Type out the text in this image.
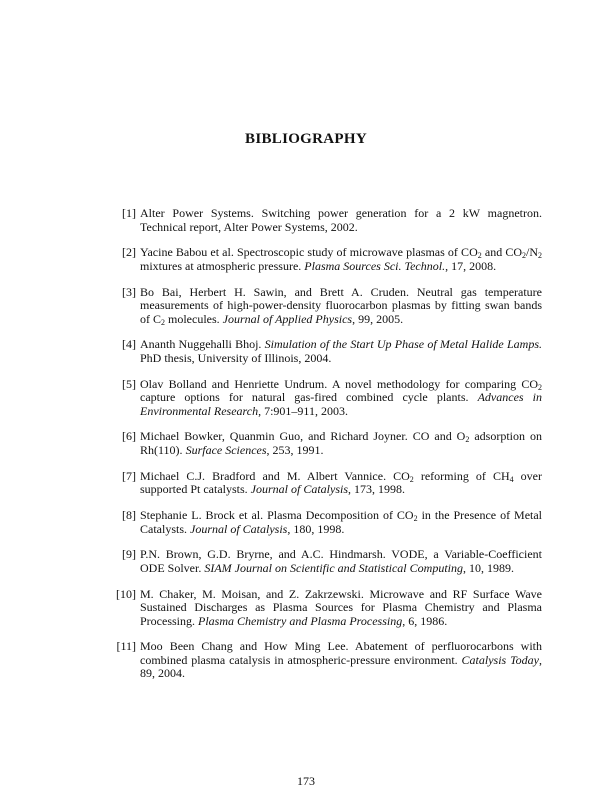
BIBLIOGRAPHY
[1] Alter Power Systems. Switching power generation for a 2 kW magnetron. Technical report, Alter Power Systems, 2002.
[2] Yacine Babou et al. Spectroscopic study of microwave plasmas of $CO_2$ and $CO_2/N_2$ mixtures at atmospheric pressure. Plasma Sources Sci. Technol., 17, 2008.
[3] Bo Bai, Herbert H. Sawin, and Brett A. Cruden. Neutral gas temperature measurements of high-power-density fluorocarbon plasmas by fitting swan bands of $C_2$ molecules. Journal of Applied Physics, 99, 2005.
[4] Ananth Nuggehalli Bhoj. Simulation of the Start Up Phase of Metal Halide Lamps. PhD thesis, University of Illinois, 2004.
[5] Olav Bolland and Henriette Undrum. A novel methodology for comparing $CO_2$ capture options for natural gas-fired combined cycle plants. Advances in Environmental Research, 7:901–911, 2003.
[6] Michael Bowker, Quanmin Guo, and Richard Joyner. CO and $O_2$ adsorption on Rh(110). Surface Sciences, 253, 1991.
[7] Michael C.J. Bradford and M. Albert Vannice. $CO_2$ reforming of $CH_4$ over supported Pt catalysts. Journal of Catalysis, 173, 1998.
[8] Stephanie L. Brock et al. Plasma Decomposition of $CO_2$ in the Presence of Metal Catalysts. Journal of Catalysis, 180, 1998.
[9] P.N. Brown, G.D. Bryrne, and A.C. Hindmarsh. VODE, a Variable-Coefficient ODE Solver. SIAM Journal on Scientific and Statistical Computing, 10, 1989.
[10] M. Chaker, M. Moisan, and Z. Zakrzewski. Microwave and RF Surface Wave Sustained Discharges as Plasma Sources for Plasma Chemistry and Plasma Processing. Plasma Chemistry and Plasma Processing, 6, 1986.
[11] Moo Been Chang and How Ming Lee. Abatement of perfluorocarbons with combined plasma catalysis in atmospheric-pressure environment. Catalysis Today, 89, 2004.
173
